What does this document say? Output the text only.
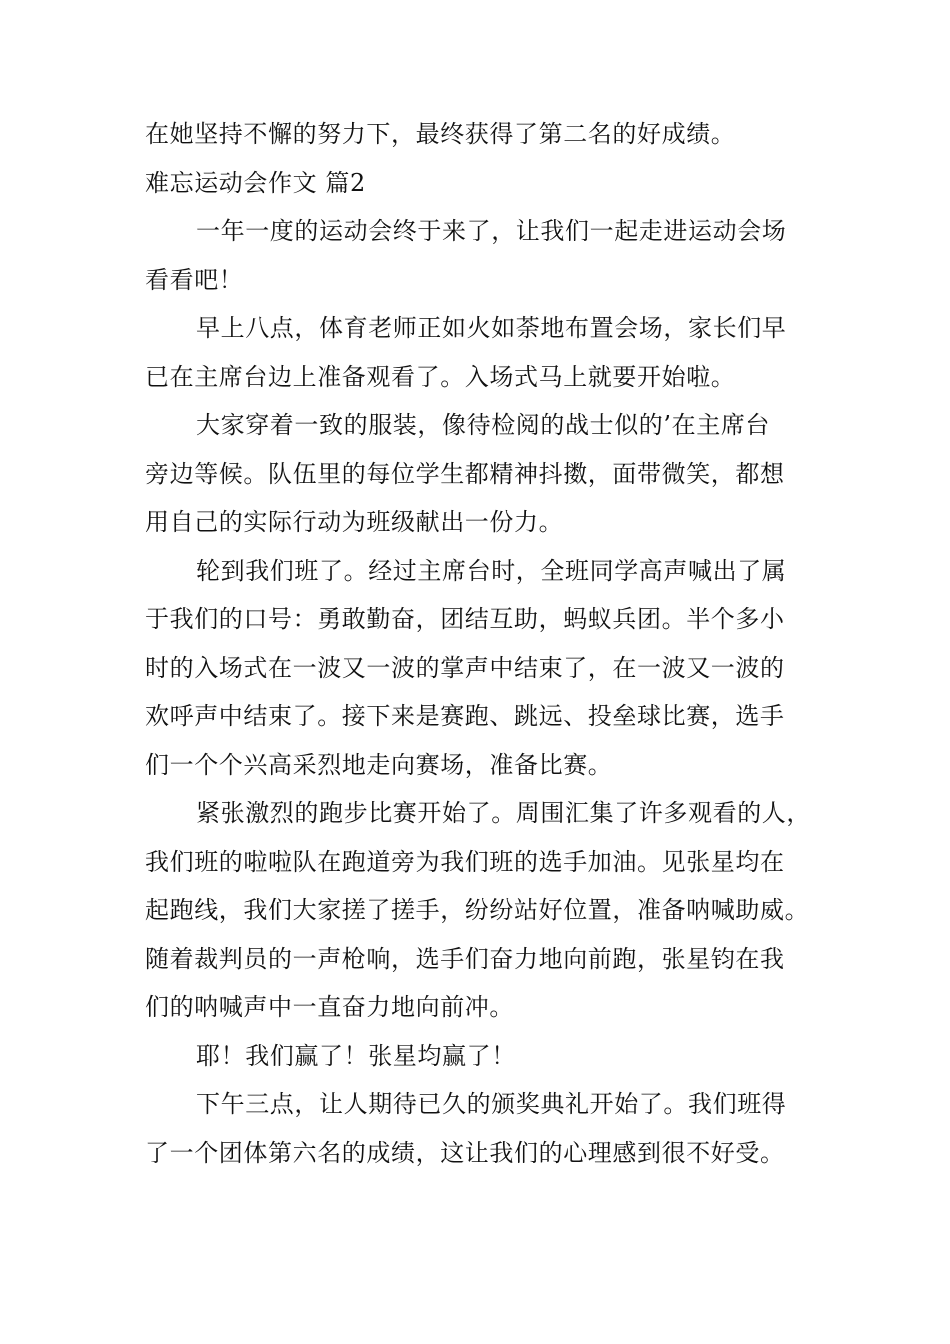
在她坚持不懈的努力下，最终获得了第二名的好成绩。

难忘运动会作文 篇2

一年一度的运动会终于来了，让我们一起走进运动会场
看看吧！

早上八点，体育老师正如火如荼地布置会场，家长们早
已在主席台边上准备观看了。入场式马上就要开始啦。

大家穿着一致的服装，像待检阅的战士似的’在主席台
旁边等候。队伍里的每位学生都精神抖擞，面带微笑，都想
用自己的实际行动为班级献出一份力。

轮到我们班了。经过主席台时，全班同学高声喊出了属
于我们的口号：勇敢勤奋，团结互助，蚂蚁兵团。半个多小
时的入场式在一波又一波的掌声中结束了，在一波又一波的
欢呼声中结束了。接下来是赛跑、跳远、投垒球比赛，选手
们一个个兴高采烈地走向赛场，准备比赛。

紧张激烈的跑步比赛开始了。周围汇集了许多观看的人，
我们班的啦啦队在跑道旁为我们班的选手加油。见张星均在
起跑线，我们大家搓了搓手，纷纷站好位置，准备呐喊助威。
随着裁判员的一声枪响，选手们奋力地向前跑，张星钧在我
们的呐喊声中一直奋力地向前冲。

耶！我们赢了！张星均赢了！

下午三点，让人期待已久的颁奖典礼开始了。我们班得
了一个团体第六名的成绩，这让我们的心理感到很不好受。
